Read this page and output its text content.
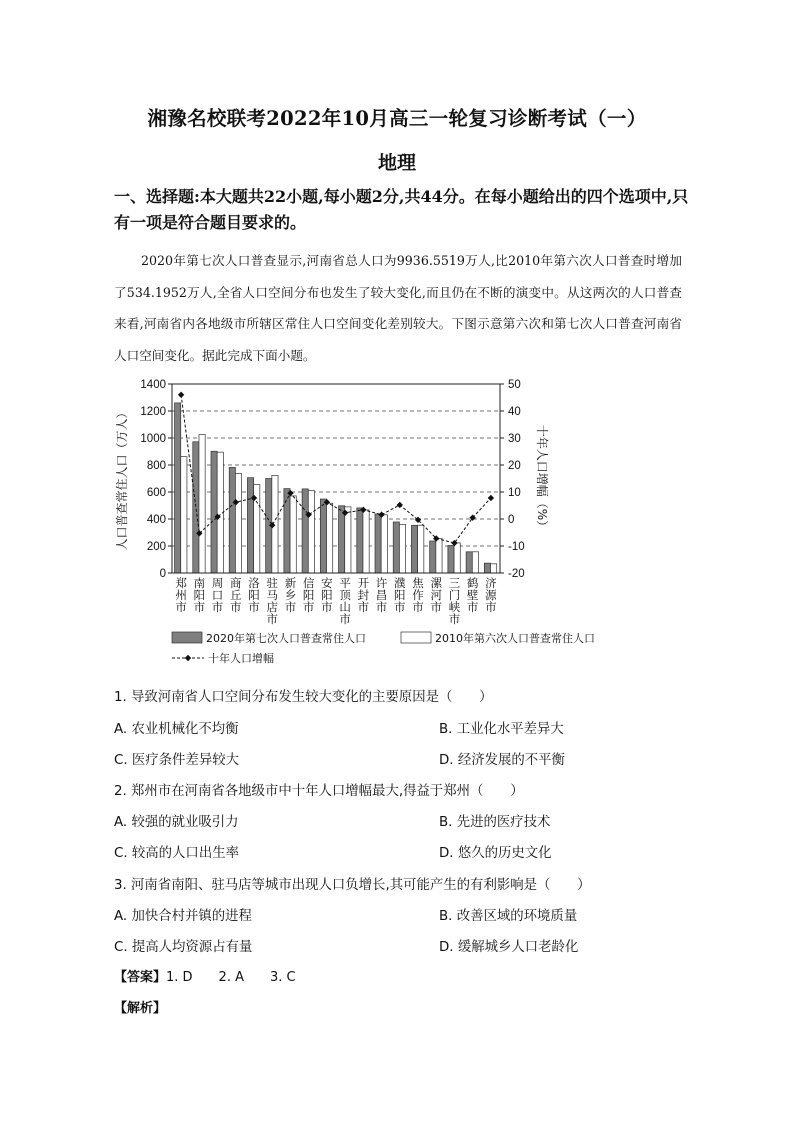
湘豫名校联考2022年10月高三一轮复习诊断考试（一）
地理
一、选择题:本大题共22小题,每小题2分,共44分。在每小题给出的四个选项中,只有一项是符合题目要求的。
2020年第七次人口普查显示,河南省总人口为9936.5519万人,比2010年第六次人口普查时增加了534.1952万人,全省人口空间分布也发生了较大变化,而且仍在不断的演变中。从这两次的人口普查来看,河南省内各地级市所辖区常住人口空间变化差别较大。下图示意第六次和第七次人口普查河南省人口空间变化。据此完成下面小题。
0
200
400
600
800
1000
1200
1400
-20
-10
0
10
20
30
40
50
人口普查常住人口（万人）	十年人口增幅（%）
郑州市
南阳市
周口市
商丘市
洛阳市
驻马店市
新乡市
信阳市
安阳市
平顶山市
开封市
许昌市
濮阳市
焦作市
漯河市
三门峡市
鹤壁市
济源市
2020年第七次人口普查常住人口	2010年第六次人口普查常住人口
十年人口增幅
1. 导致河南省人口空间分布发生较大变化的主要原因是（　　）
A. 农业机械化不均衡	B. 工业化水平差异大
C. 医疗条件差异较大	D. 经济发展的不平衡
2. 郑州市在河南省各地级市中十年人口增幅最大,得益于郑州（　　）
A. 较强的就业吸引力	B. 先进的医疗技术
C. 较高的人口出生率	D. 悠久的历史文化
3. 河南省南阳、驻马店等城市出现人口负增长,其可能产生的有利影响是（　　）
A. 加快合村并镇的进程	B. 改善区域的环境质量
C. 提高人均资源占有量	D. 缓解城乡人口老龄化
【答案】1. D　　2. A　　3. C
【解析】
